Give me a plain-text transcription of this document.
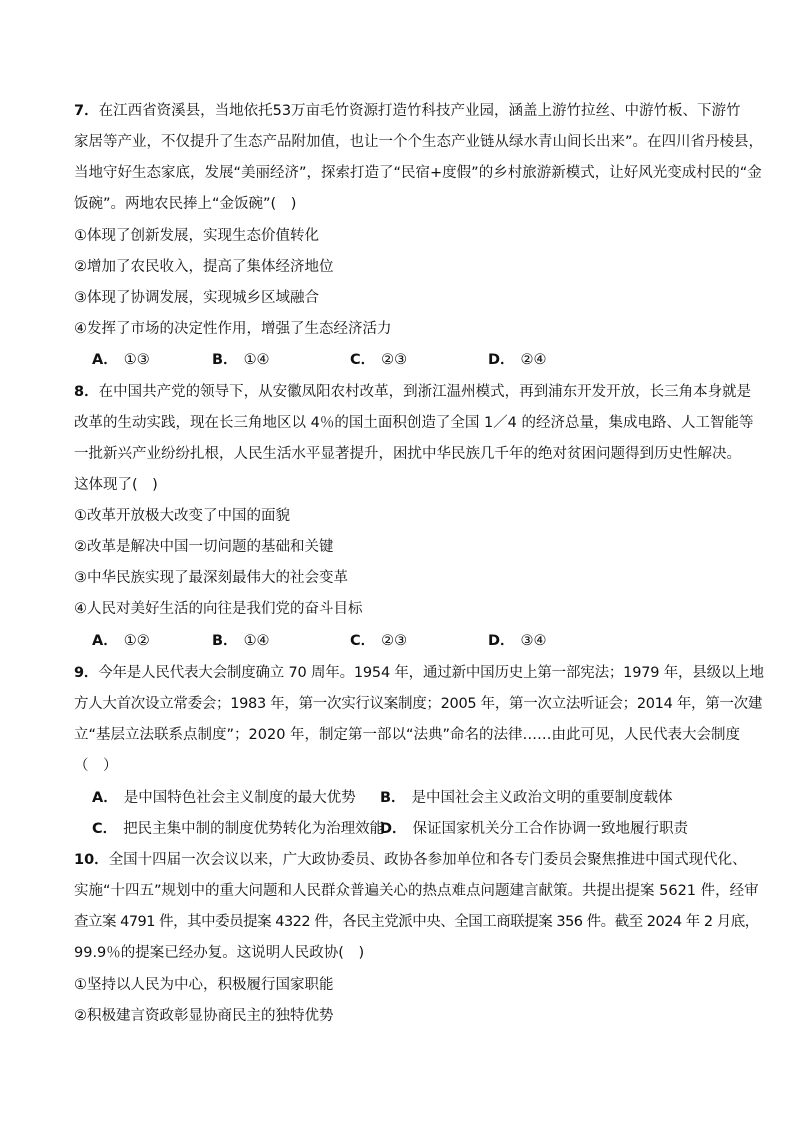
7．在江西省资溪县，当地依托53万亩毛竹资源打造竹科技产业园，涵盖上游竹拉丝、中游竹板、下游竹
家居等产业，不仅提升了生态产品附加值，也让一个个生态产业链从绿水青山间长出来”。在四川省丹棱县，
当地守好生态家底，发展“美丽经济”，探索打造了“民宿+度假”的乡村旅游新模式，让好风光变成村民的“金
饭碗”。两地农民捧上“金饭碗”(　)
①体现了创新发展，实现生态价值转化
②增加了农民收入，提高了集体经济地位
③体现了协调发展，实现城乡区域融合
④发挥了市场的决定性作用，增强了生态经济活力
A． ①③	B． ①④	C． ②③	D． ②④
8．在中国共产党的领导下，从安徽凤阳农村改革，到浙江温州模式，再到浦东开发开放，长三角本身就是
改革的生动实践，现在长三角地区以 4％的国土面积创造了全国 1／4 的经济总量，集成电路、人工智能等
一批新兴产业纷纷扎根，人民生活水平显著提升，困扰中华民族几千年的绝对贫困问题得到历史性解决。
这体现了(　)
①改革开放极大改变了中国的面貌
②改革是解决中国一切问题的基础和关键
③中华民族实现了最深刻最伟大的社会变革
④人民对美好生活的向往是我们党的奋斗目标
A． ①②	B． ①④	C． ②③	D． ③④
9．今年是人民代表大会制度确立 70 周年。1954 年，通过新中国历史上第一部宪法；1979 年，县级以上地
方人大首次设立常委会；1983 年，第一次实行议案制度；2005 年，第一次立法听证会；2014 年，第一次建
立“基层立法联系点制度”；2020 年，制定第一部以“法典”命名的法律……由此可见，人民代表大会制度
（　）
A． 是中国特色社会主义制度的最大优势 B． 是中国社会主义政治文明的重要制度载体
C． 把民主集中制的制度优势转化为治理效能
D． 保证国家机关分工合作协调一致地履行职责
10．全国十四届一次会议以来，广大政协委员、政协各参加单位和各专门委员会聚焦推进中国式现代化、
实施“十四五”规划中的重大问题和人民群众普遍关心的热点难点问题建言献策。共提出提案 5621 件，经审
查立案 4791 件，其中委员提案 4322 件，各民主党派中央、全国工商联提案 356 件。截至 2024 年 2 月底，
99.9％的提案已经办复。这说明人民政协(　)
①坚持以人民为中心，积极履行国家职能
②积极建言资政彰显协商民主的独特优势
